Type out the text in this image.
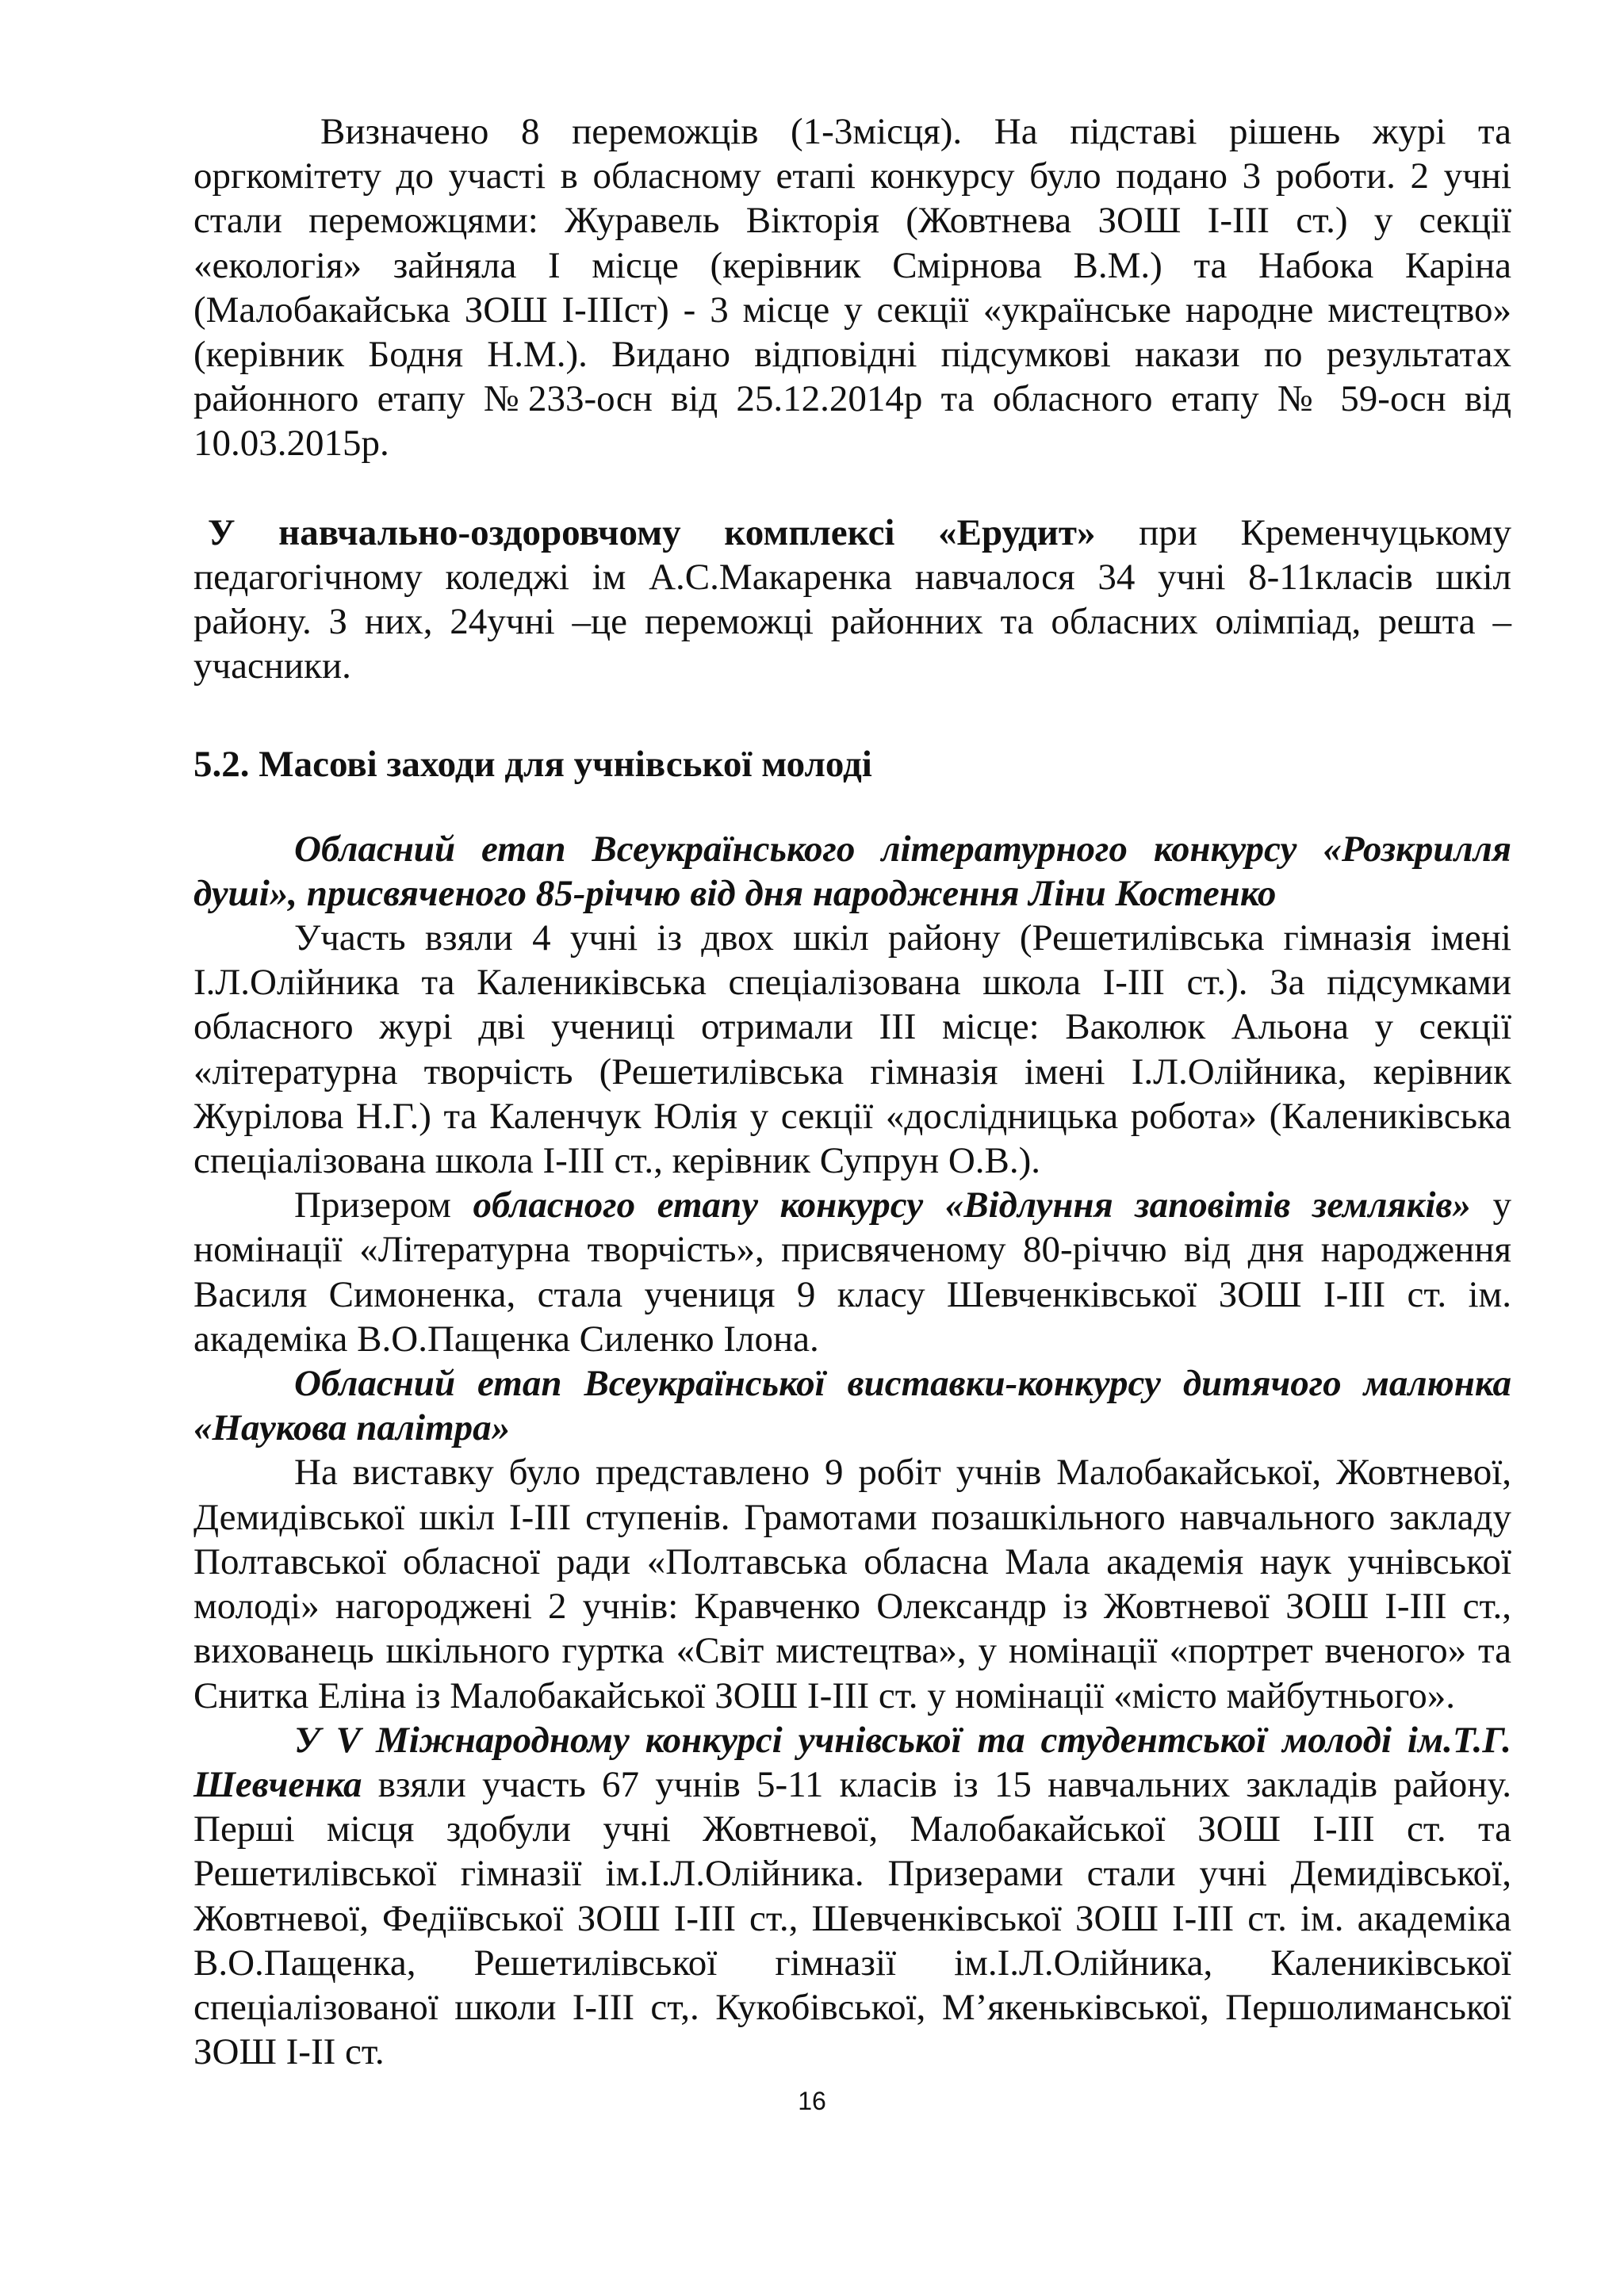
Визначено 8 переможців (1-3місця). На підставі рішень журі та оргкомітету до участі в обласному етапі конкурсу було подано 3 роботи. 2 учні стали переможцями: Журавель Вікторія (Жовтнева ЗОШ І-ІІІ ст.) у секції «екологія» зайняла І місце (керівник Смірнова В.М.) та Набока Каріна (Малобакайська ЗОШ І-ІІІст) - 3 місце у секції «українське народне мистецтво» (керівник Бодня Н.М.). Видано відповідні підсумкові накази по результатах районного етапу №233-осн від 25.12.2014р та обласного етапу № 59-осн від 10.03.2015р.

У навчально-оздоровчому комплексі «Ерудит» при Кременчуцькому педагогічному коледжі ім А.С.Макаренка навчалося 34 учні 8-11класів шкіл району. З них, 24учні –це переможці районних та обласних олімпіад, решта – учасники.

5.2. Масові заходи для учнівської молоді

Обласний етап Всеукраїнського літературного конкурсу «Розкрилля душі», присвяченого 85-річчю від дня народження Ліни Костенко

Участь взяли 4 учні із двох шкіл району (Решетилівська гімназія імені І.Л.Олійника та Калениківська спеціалізована школа І-ІІІ ст.). За підсумками обласного журі дві учениці отримали ІІІ місце: Ваколюк Альона у секції «літературна творчість (Решетилівська гімназія імені І.Л.Олійника, керівник Журілова Н.Г.) та Каленчук Юлія у секції «дослідницька робота» (Калениківська спеціалізована школа І-ІІІ ст., керівник Супрун О.В.).

Призером обласного етапу конкурсу «Відлуння заповітів земляків» у номінації «Літературна творчість», присвяченому 80-річчю від дня народження Василя Симоненка, стала учениця 9 класу Шевченківської ЗОШ І-ІІІ ст. ім. академіка В.О.Пащенка Силенко Ілона.

Обласний етап Всеукраїнської виставки-конкурсу дитячого малюнка «Наукова палітра»

На виставку було представлено 9 робіт учнів Малобакайської, Жовтневої, Демидівської шкіл І-ІІІ ступенів. Грамотами позашкільного навчального закладу Полтавської обласної ради «Полтавська обласна Мала академія наук учнівської молоді» нагороджені 2 учнів: Кравченко Олександр із Жовтневої ЗОШ І-ІІІ ст., вихованець шкільного гуртка «Світ мистецтва», у номінації «портрет вченого» та Снитка Еліна із Малобакайської ЗОШ І-ІІІ ст. у номінації «місто майбутнього».

У V Міжнародному конкурсі учнівської та студентської молоді ім.Т.Г. Шевченка взяли участь 67 учнів 5-11 класів із 15 навчальних закладів району. Перші місця здобули учні Жовтневої, Малобакайської ЗОШ І-ІІІ ст. та Решетилівської гімназії ім.І.Л.Олійника. Призерами стали учні Демидівської, Жовтневої, Федіївської ЗОШ І-ІІІ ст., Шевченківської ЗОШ І-ІІІ ст. ім. академіка В.О.Пащенка, Решетилівської гімназії ім.І.Л.Олійника, Калениківської спеціалізованої школи І-ІІІ ст,. Кукобівської, М’якеньківської, Першолиманської ЗОШ І-ІІ ст.

16
